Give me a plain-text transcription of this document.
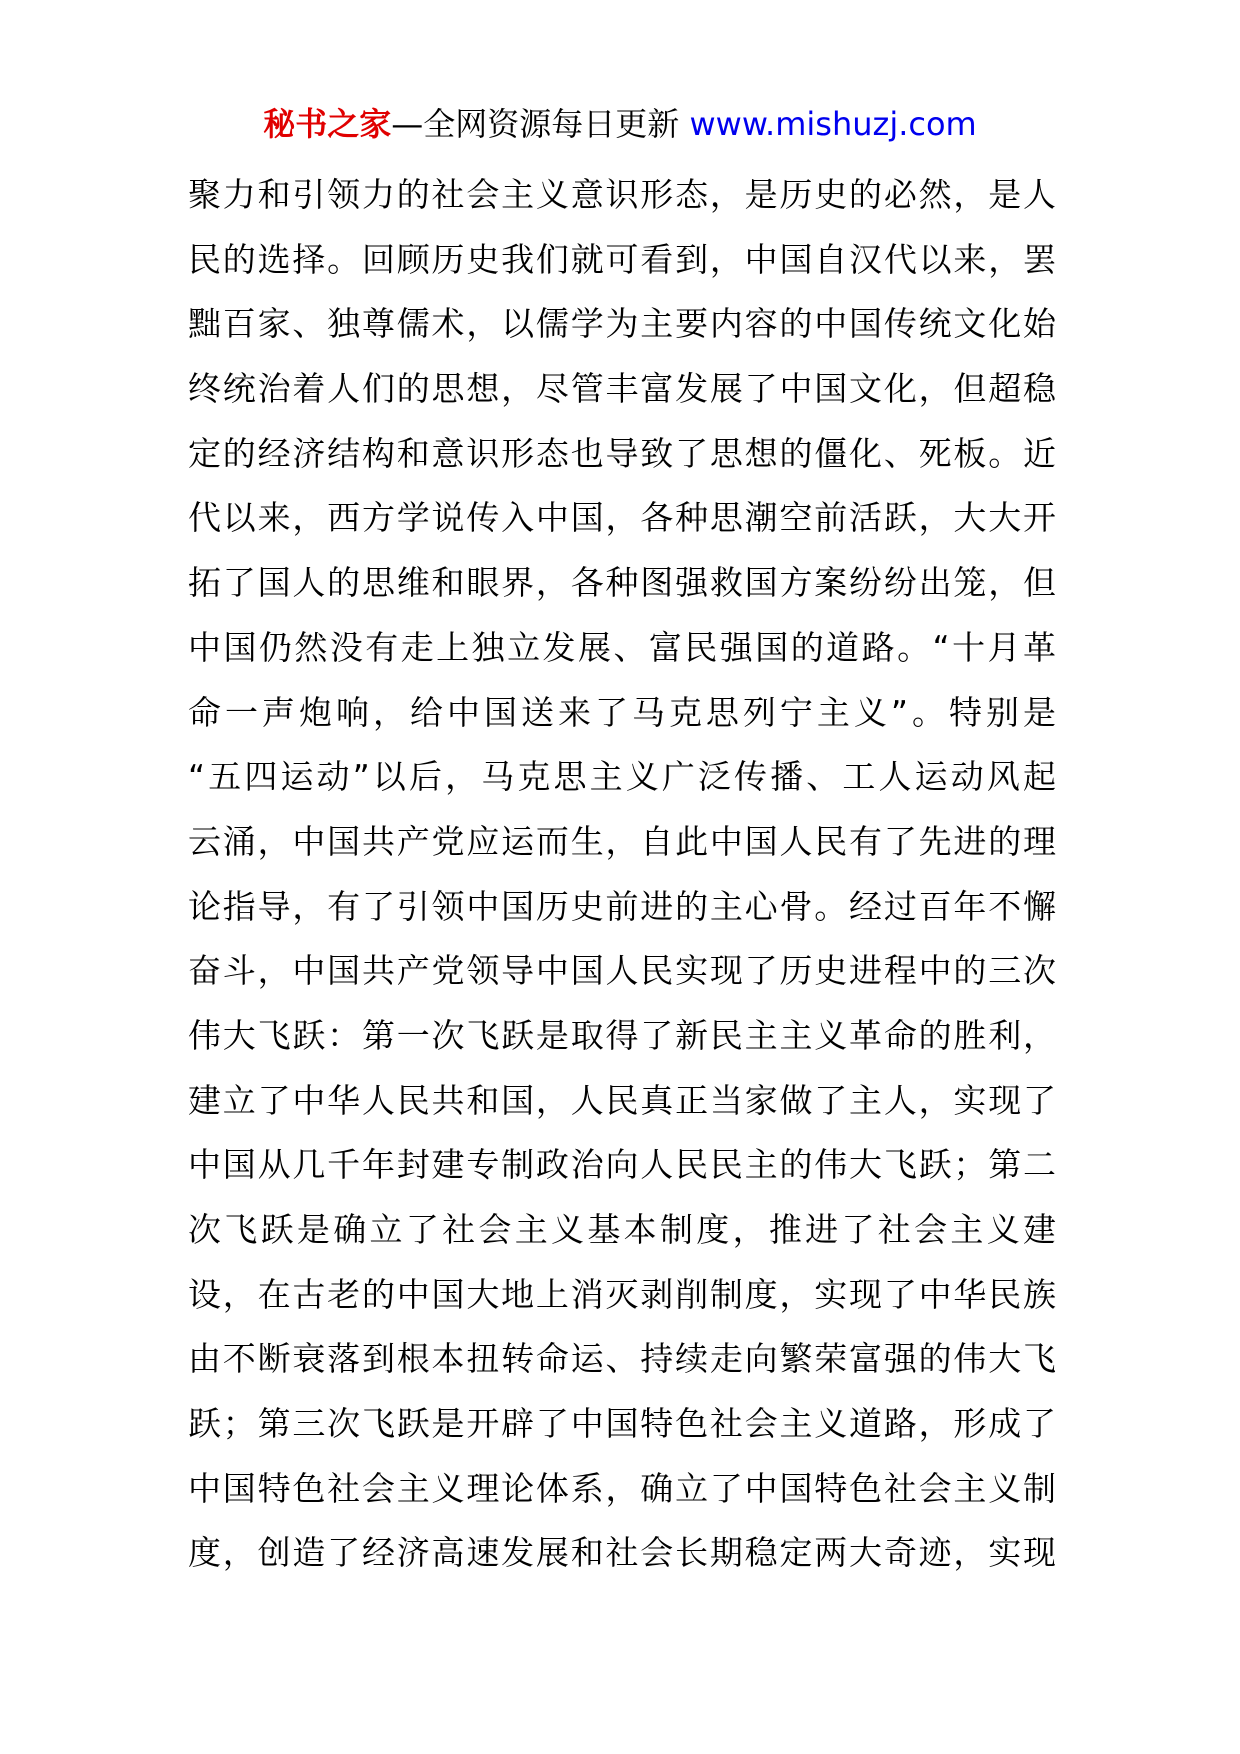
秘书之家—全网资源每日更新 www.mishuzj.com
聚力和引领力的社会主义意识形态，是历史的必然，是人
民的选择。回顾历史我们就可看到，中国自汉代以来，罢
黜百家、独尊儒术，以儒学为主要内容的中国传统文化始
终统治着人们的思想，尽管丰富发展了中国文化，但超稳
定的经济结构和意识形态也导致了思想的僵化、死板。近
代以来，西方学说传入中国，各种思潮空前活跃，大大开
拓了国人的思维和眼界，各种图强救国方案纷纷出笼，但
中国仍然没有走上独立发展、富民强国的道路。“十月革
命一声炮响，给中国送来了马克思列宁主义”。特别是
“五四运动”以后，马克思主义广泛传播、工人运动风起
云涌，中国共产党应运而生，自此中国人民有了先进的理
论指导，有了引领中国历史前进的主心骨。经过百年不懈
奋斗，中国共产党领导中国人民实现了历史进程中的三次
伟大飞跃：第一次飞跃是取得了新民主主义革命的胜利，
建立了中华人民共和国，人民真正当家做了主人，实现了
中国从几千年封建专制政治向人民民主的伟大飞跃；第二
次飞跃是确立了社会主义基本制度，推进了社会主义建
设，在古老的中国大地上消灭剥削制度，实现了中华民族
由不断衰落到根本扭转命运、持续走向繁荣富强的伟大飞
跃；第三次飞跃是开辟了中国特色社会主义道路，形成了
中国特色社会主义理论体系，确立了中国特色社会主义制
度，创造了经济高速发展和社会长期稳定两大奇迹，实现
